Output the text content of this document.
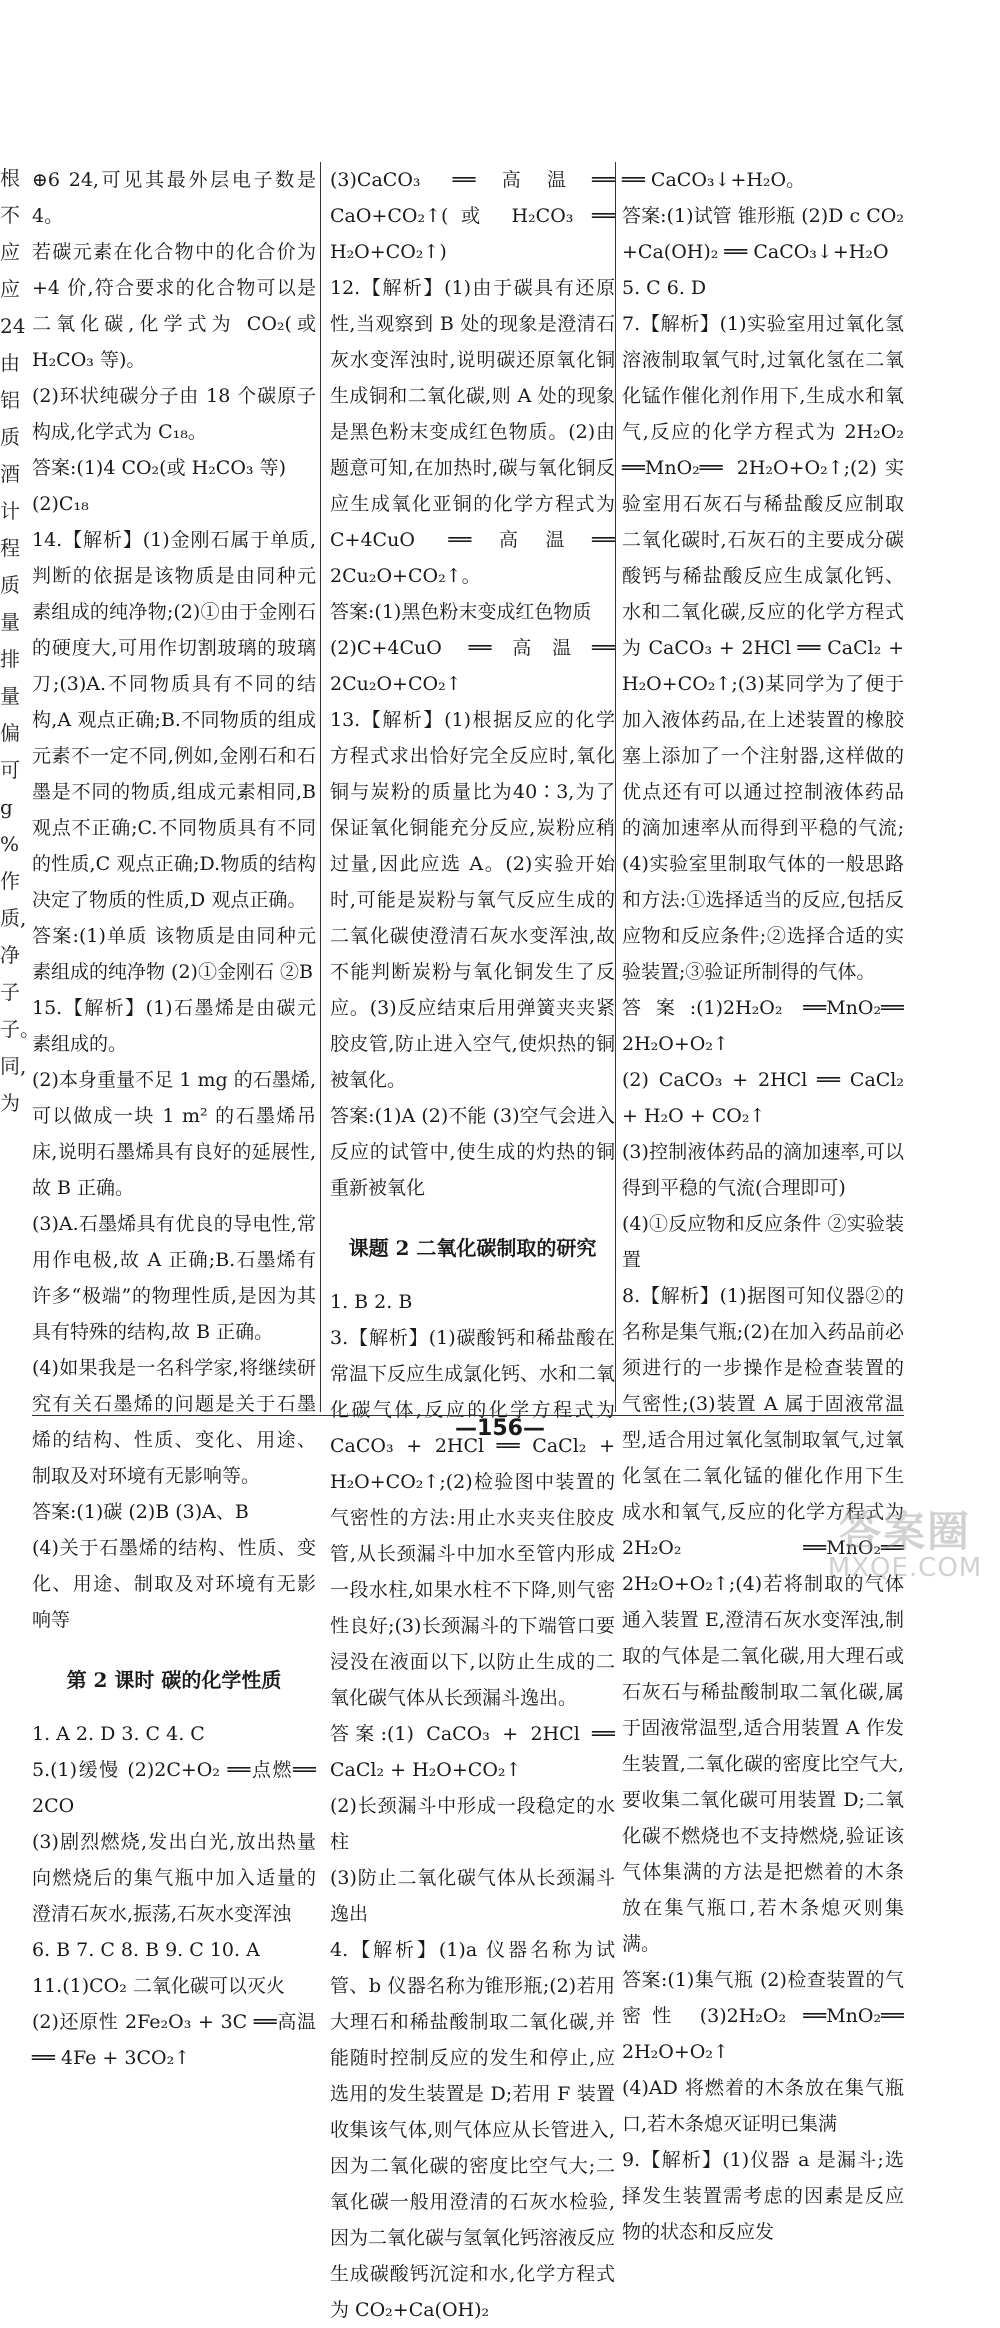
根
不
应
应
24
由
铝
质
酒
计
程
质
量
排
量
偏
可
g
%
作
质,
净
子
子。
同,
为

⊕6 24,可见其最外层电子数是 4。

若碳元素在化合物中的化合价为 +4 价,符合要求的化合物可以是二氧化碳,化学式为 CO₂(或 H₂CO₃ 等)。

(2)环状纯碳分子由 18 个碳原子构成,化学式为 C₁₈。

答案:(1)4 CO₂(或 H₂CO₃ 等)

(2)C₁₈

14.【解析】(1)金刚石属于单质,判断的依据是该物质是由同种元素组成的纯净物;(2)①由于金刚石的硬度大,可用作切割玻璃的玻璃刀;(3)A.不同物质具有不同的结构,A 观点正确;B.不同物质的组成元素不一定不同,例如,金刚石和石墨是不同的物质,组成元素相同,B 观点不正确;C.不同物质具有不同的性质,C 观点正确;D.物质的结构决定了物质的性质,D 观点正确。

答案:(1)单质 该物质是由同种元素组成的纯净物 (2)①金刚石 ②B

15.【解析】(1)石墨烯是由碳元素组成的。

(2)本身重量不足 1 mg 的石墨烯,可以做成一块 1 m² 的石墨烯吊床,说明石墨烯具有良好的延展性,故 B 正确。

(3)A.石墨烯具有优良的导电性,常用作电极,故 A 正确;B.石墨烯有许多“极端”的物理性质,是因为其具有特殊的结构,故 B 正确。

(4)如果我是一名科学家,将继续研究有关石墨烯的问题是关于石墨烯的结构、性质、变化、用途、制取及对环境有无影响等。

答案:(1)碳 (2)B (3)A、B

(4)关于石墨烯的结构、性质、变化、用途、制取及对环境有无影响等

第 2 课时 碳的化学性质

1. A 2. D 3. C 4. C

5.(1)缓慢 (2)2C+O₂ ══点燃══ 2CO

(3)剧烈燃烧,发出白光,放出热量 向燃烧后的集气瓶中加入适量的澄清石灰水,振荡,石灰水变浑浊

6. B 7. C 8. B 9. C 10. A

11.(1)CO₂ 二氧化碳可以灭火

(2)还原性 2Fe₂O₃ + 3C ══高温══ 4Fe + 3CO₂↑

(3)CaCO₃ ══高温══ CaO+CO₂↑(或 H₂CO₃ ══ H₂O+CO₂↑)

12.【解析】(1)由于碳具有还原性,当观察到 B 处的现象是澄清石灰水变浑浊时,说明碳还原氧化铜生成铜和二氧化碳,则 A 处的现象是黑色粉末变成红色物质。(2)由题意可知,在加热时,碳与氧化铜反应生成氧化亚铜的化学方程式为 C+4CuO ══高温══ 2Cu₂O+CO₂↑。

答案:(1)黑色粉末变成红色物质

(2)C+4CuO ══高温══ 2Cu₂O+CO₂↑

13.【解析】(1)根据反应的化学方程式求出恰好完全反应时,氧化铜与炭粉的质量比为40∶3,为了保证氧化铜能充分反应,炭粉应稍过量,因此应选 A。(2)实验开始时,可能是炭粉与氧气反应生成的二氧化碳使澄清石灰水变浑浊,故不能判断炭粉与氧化铜发生了反应。(3)反应结束后用弹簧夹夹紧胶皮管,防止进入空气,使炽热的铜被氧化。

答案:(1)A (2)不能 (3)空气会进入反应的试管中,使生成的灼热的铜重新被氧化

课题 2 二氧化碳制取的研究

1. B 2. B

3.【解析】(1)碳酸钙和稀盐酸在常温下反应生成氯化钙、水和二氧化碳气体,反应的化学方程式为 CaCO₃ + 2HCl ══ CaCl₂ + H₂O+CO₂↑;(2)检验图中装置的气密性的方法:用止水夹夹住胶皮管,从长颈漏斗中加水至管内形成一段水柱,如果水柱不下降,则气密性良好;(3)长颈漏斗的下端管口要浸没在液面以下,以防止生成的二氧化碳气体从长颈漏斗逸出。

答案:(1) CaCO₃ + 2HCl ══ CaCl₂ + H₂O+CO₂↑

(2)长颈漏斗中形成一段稳定的水柱

(3)防止二氧化碳气体从长颈漏斗逸出

4.【解析】(1)a 仪器名称为试管、b 仪器名称为锥形瓶;(2)若用大理石和稀盐酸制取二氧化碳,并能随时控制反应的发生和停止,应选用的发生装置是 D;若用 F 装置收集该气体,则气体应从长管进入,因为二氧化碳的密度比空气大;二氧化碳一般用澄清的石灰水检验,因为二氧化碳与氢氧化钙溶液反应生成碳酸钙沉淀和水,化学方程式为 CO₂+Ca(OH)₂

══ CaCO₃↓+H₂O。

答案:(1)试管 锥形瓶 (2)D c CO₂ +Ca(OH)₂ ══ CaCO₃↓+H₂O

5. C 6. D

7.【解析】(1)实验室用过氧化氢溶液制取氧气时,过氧化氢在二氧化锰作催化剂作用下,生成水和氧气,反应的化学方程式为 2H₂O₂ ══MnO₂══ 2H₂O+O₂↑;(2)实验室用石灰石与稀盐酸反应制取二氧化碳时,石灰石的主要成分碳酸钙与稀盐酸反应生成氯化钙、水和二氧化碳,反应的化学方程式为 CaCO₃ + 2HCl ══ CaCl₂ + H₂O+CO₂↑;(3)某同学为了便于加入液体药品,在上述装置的橡胶塞上添加了一个注射器,这样做的优点还有可以通过控制液体药品的滴加速率从而得到平稳的气流;(4)实验室里制取气体的一般思路和方法:①选择适当的反应,包括反应物和反应条件;②选择合适的实验装置;③验证所制得的气体。

答案:(1)2H₂O₂ ══MnO₂══ 2H₂O+O₂↑

(2) CaCO₃ + 2HCl ══ CaCl₂ + H₂O + CO₂↑

(3)控制液体药品的滴加速率,可以得到平稳的气流(合理即可)

(4)①反应物和反应条件 ②实验装置

8.【解析】(1)据图可知仪器②的名称是集气瓶;(2)在加入药品前必须进行的一步操作是检查装置的气密性;(3)装置 A 属于固液常温型,适合用过氧化氢制取氧气,过氧化氢在二氧化锰的催化作用下生成水和氧气,反应的化学方程式为 2H₂O₂ ══MnO₂══ 2H₂O+O₂↑;(4)若将制取的气体通入装置 E,澄清石灰水变浑浊,制取的气体是二氧化碳,用大理石或石灰石与稀盐酸制取二氧化碳,属于固液常温型,适合用装置 A 作发生装置,二氧化碳的密度比空气大,要收集二氧化碳可用装置 D;二氧化碳不燃烧也不支持燃烧,验证该气体集满的方法是把燃着的木条放在集气瓶口,若木条熄灭则集满。

答案:(1)集气瓶 (2)检查装置的气密性 (3)2H₂O₂ ══MnO₂══ 2H₂O+O₂↑

(4)AD 将燃着的木条放在集气瓶口,若木条熄灭证明已集满

9.【解析】(1)仪器 a 是漏斗;选择发生装置需考虑的因素是反应物的状态和反应发

—156—
答案圈
MXQE.COM
